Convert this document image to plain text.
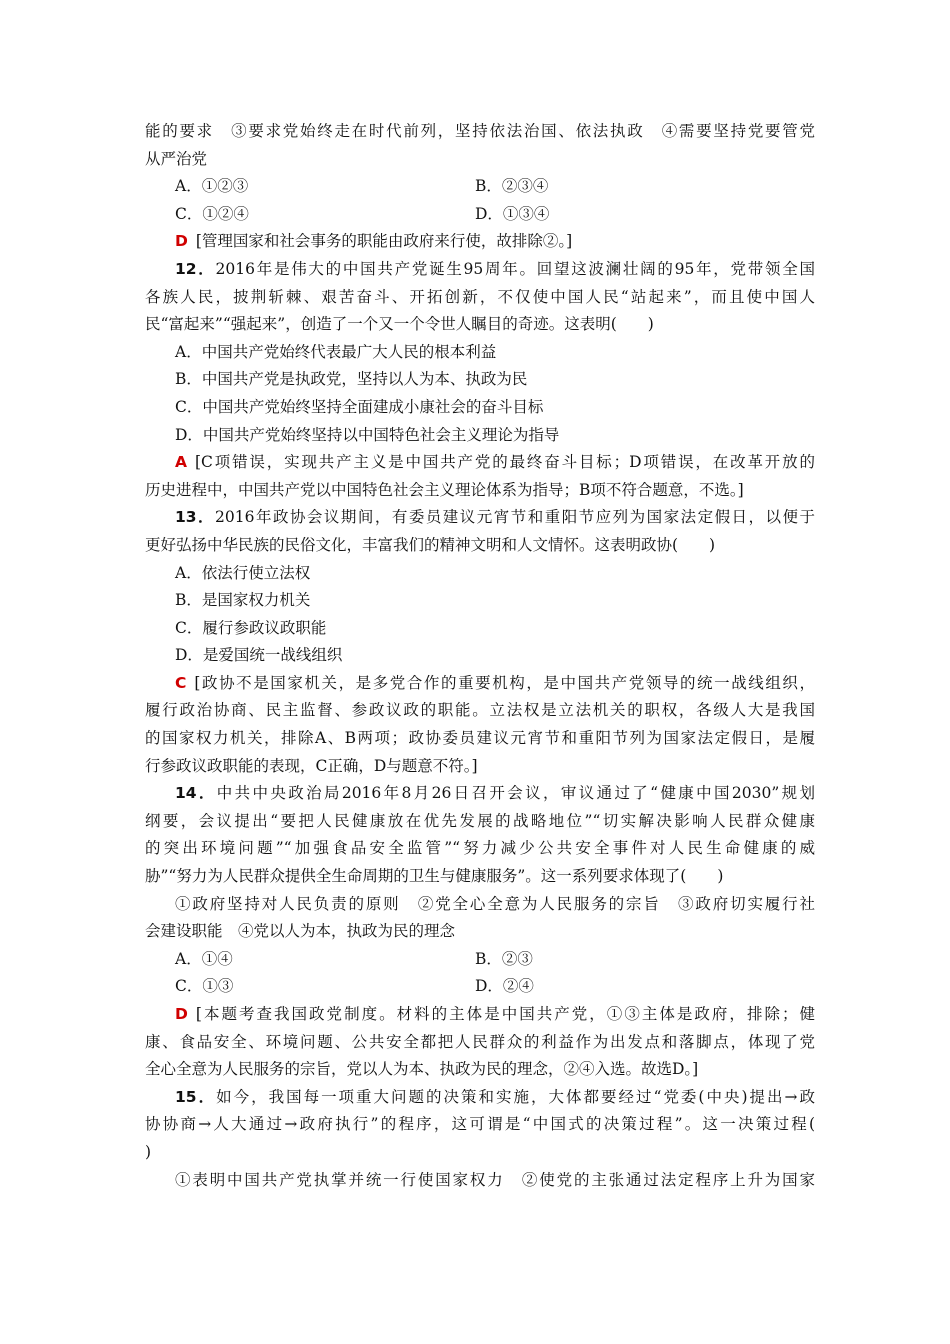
能的要求　③要求党始终走在时代前列，坚持依法治国、依法执政　④需要坚持党要管党
从严治党
A．①②③	B．②③④
C．①②④	D．①③④
D [管理国家和社会事务的职能由政府来行使，故排除②。]
12．2016年是伟大的中国共产党诞生95周年。回望这波澜壮阔的95年，党带领全国
各族人民，披荆斩棘、艰苦奋斗、开拓创新，不仅使中国人民“站起来”，而且使中国人
民“富起来”“强起来”，创造了一个又一个令世人瞩目的奇迹。这表明(　　)
A．中国共产党始终代表最广大人民的根本利益
B．中国共产党是执政党，坚持以人为本、执政为民
C．中国共产党始终坚持全面建成小康社会的奋斗目标
D．中国共产党始终坚持以中国特色社会主义理论为指导
A [C项错误，实现共产主义是中国共产党的最终奋斗目标；D项错误，在改革开放的
历史进程中，中国共产党以中国特色社会主义理论体系为指导；B项不符合题意，不选。]
13．2016年政协会议期间，有委员建议元宵节和重阳节应列为国家法定假日，以便于
更好弘扬中华民族的民俗文化，丰富我们的精神文明和人文情怀。这表明政协(　　)
A．依法行使立法权
B．是国家权力机关
C．履行参政议政职能
D．是爱国统一战线组织
C [政协不是国家机关，是多党合作的重要机构，是中国共产党领导的统一战线组织，
履行政治协商、民主监督、参政议政的职能。立法权是立法机关的职权，各级人大是我国
的国家权力机关，排除A、B两项；政协委员建议元宵节和重阳节列为国家法定假日，是履
行参政议政职能的表现，C正确，D与题意不符。]
14．中共中央政治局2016年8月26日召开会议，审议通过了“健康中国2030”规划
纲要，会议提出“要把人民健康放在优先发展的战略地位”“切实解决影响人民群众健康
的突出环境问题”“加强食品安全监管”“努力减少公共安全事件对人民生命健康的威
胁”“努力为人民群众提供全生命周期的卫生与健康服务”。这一系列要求体现了(　　)
①政府坚持对人民负责的原则　②党全心全意为人民服务的宗旨　③政府切实履行社
会建设职能　④党以人为本，执政为民的理念
A．①④	B．②③
C．①③	D．②④
D [本题考查我国政党制度。材料的主体是中国共产党，①③主体是政府，排除；健
康、食品安全、环境问题、公共安全都把人民群众的利益作为出发点和落脚点，体现了党
全心全意为人民服务的宗旨，党以人为本、执政为民的理念，②④入选。故选D。]
15．如今，我国每一项重大问题的决策和实施，大体都要经过“党委(中央)提出→政
协协商→人大通过→政府执行”的程序，这可谓是“中国式的决策过程”。这一决策过程(
)
①表明中国共产党执掌并统一行使国家权力　②使党的主张通过法定程序上升为国家
